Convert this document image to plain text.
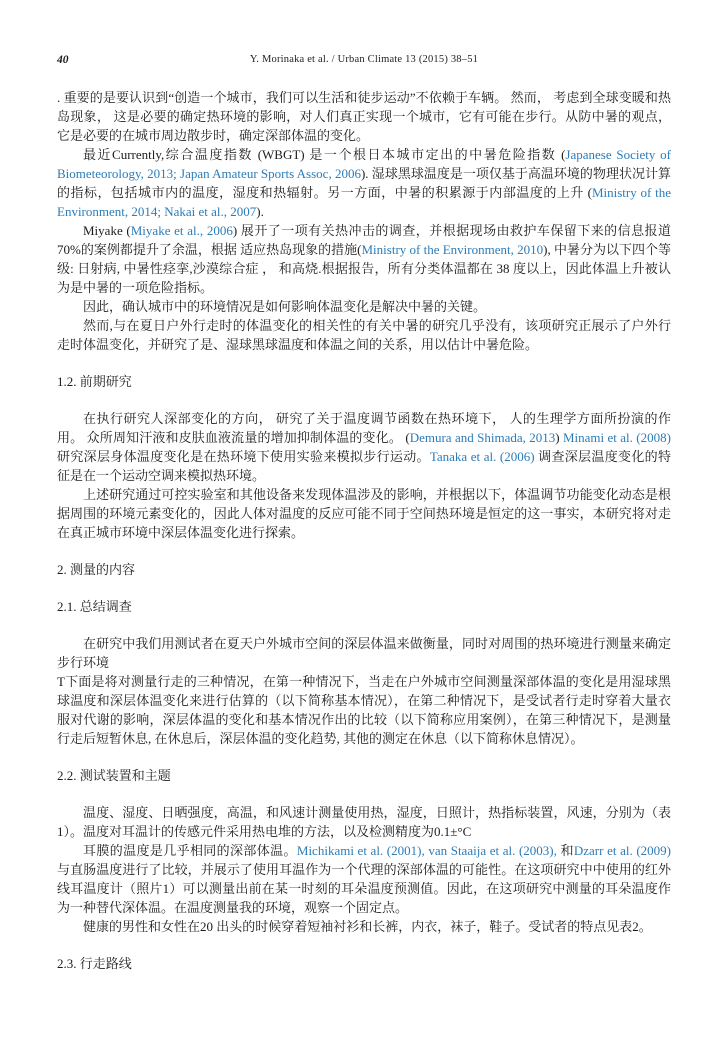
40	Y. Morinaka et al. / Urban Climate 13 (2015) 38–51

. 重要的是要认识到“创造一个城市，我们可以生活和徒步运动”不依赖于车辆。 然而， 考虑到全球变暖和热岛现象， 这是必要的确定热环境的影响，对人们真正实现一个城市，它有可能在步行。从防中暑的观点，它是必要的在城市周边散步时，确定深部体温的变化。

最近Currently,综合温度指数 (WBGT) 是一个根日本城市定出的中暑危险指数 (Japanese Society of Biometeorology, 2013; Japan Amateur Sports Assoc, 2006). 湿球黑球温度是一项仅基于高温环境的物理状况计算的指标，包括城市内的温度，湿度和热辐射。另一方面，中暑的积累源于内部温度的上升 (Ministry of the Environment, 2014; Nakai et al., 2007).

Miyake (Miyake et al., 2006) 展开了一项有关热冲击的调查，并根据现场由救护车保留下来的信息报道70%的案例都提升了余温，根据 适应热岛现象的措施(Ministry of the Environment, 2010), 中暑分为以下四个等级: 日射病, 中暑性痉挛,沙漠综合症 ， 和高烧.根据报告，所有分类体温都在 38 度以上，因此体温上升被认为是中暑的一项危险指标。

因此，确认城市中的环境情况是如何影响体温变化是解决中暑的关键。

然而,与在夏日户外行走时的体温变化的相关性的有关中暑的研究几乎没有，该项研究正展示了户外行走时体温变化，并研究了是、湿球黑球温度和体温之间的关系，用以估计中暑危险。

1.2. 前期研究

在执行研究人深部变化的方向， 研究了关于温度调节函数在热环境下， 人的生理学方面所扮演的作用。 众所周知汗液和皮肤血液流量的增加抑制体温的变化。 (Demura and Shimada, 2013) Minami et al. (2008)研究深层身体温度变化是在热环境下使用实验来模拟步行运动。Tanaka et al. (2006) 调查深层温度变化的特征是在一个运动空调来模拟热环境。

上述研究通过可控实验室和其他设备来发现体温涉及的影响，并根据以下，体温调节功能变化动态是根据周围的环境元素变化的，因此人体对温度的反应可能不同于空间热环境是恒定的这一事实，本研究将对走在真正城市环境中深层体温变化进行探索。

2. 测量的内容
2.1. 总结调查

在研究中我们用测试者在夏天户外城市空间的深层体温来做衡量，同时对周围的热环境进行测量来确定步行环境

T下面是将对测量行走的三种情况，在第一种情况下，当走在户外城市空间测量深部体温的变化是用湿球黑球温度和深层体温变化来进行估算的（以下简称基本情况），在第二种情况下，是受试者行走时穿着大量衣服对代谢的影响，深层体温的变化和基本情况作出的比较（以下简称应用案例），在第三种情况下，是测量行走后短暂休息, 在休息后，深层体温的变化趋势, 其他的测定在休息（以下简称休息情况）。

2.2. 测试装置和主题

温度、湿度、日晒强度，高温，和风速计测量使用热，湿度，日照计，热指标装置，风速，分别为（表1）。温度对耳温计的传感元件采用热电堆的方法，以及检测精度为0.1±°C

耳膜的温度是几乎相同的深部体温。Michikami et al. (2001), van Staaija et al. (2003), 和Dzarr et al. (2009) 与直肠温度进行了比较，并展示了使用耳温作为一个代理的深部体温的可能性。在这项研究中中使用的红外线耳温度计（照片1）可以测量出前在某一时刻的耳朵温度预测值。因此，在这项研究中测量的耳朵温度作为一种替代深体温。在温度测量我的环境，观察一个固定点。

健康的男性和女性在20 出头的时候穿着短袖衬衫和长裤，内衣，袜子，鞋子。受试者的特点见表2。

2.3. 行走路线
